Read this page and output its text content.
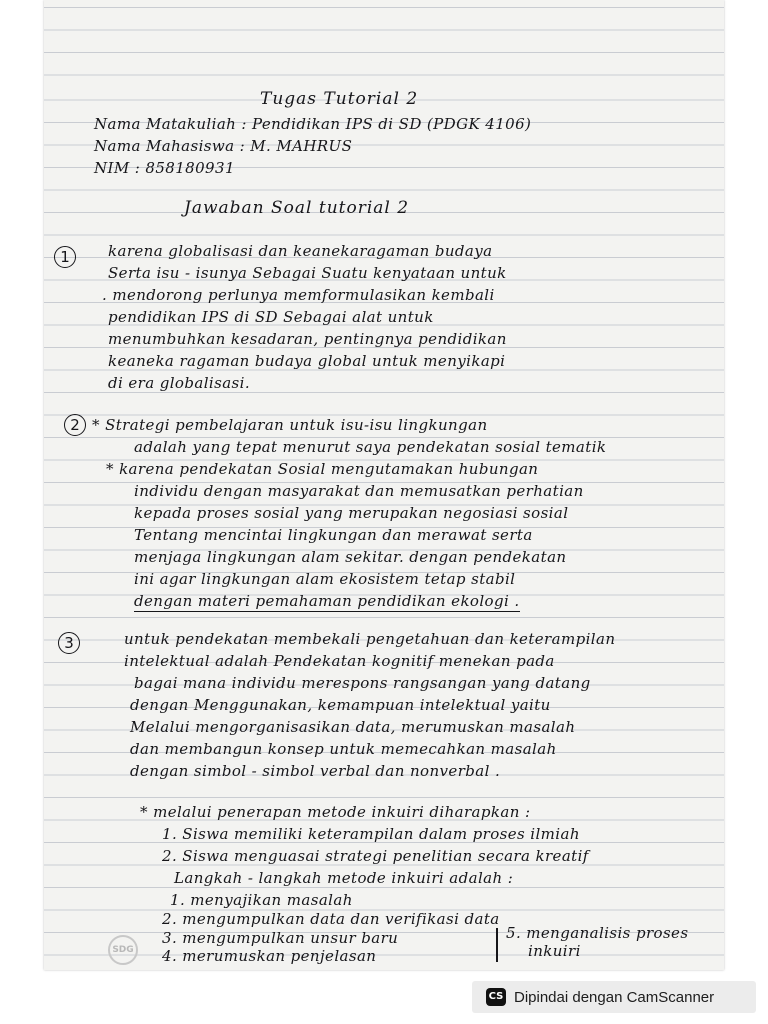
Tugas Tutorial 2

Nama Matakuliah : Pendidikan IPS di SD (PDGK 4106)

Nama Mahasiswa : M. MAHRUS

NIM : 858180931

Jawaban Soal tutorial 2

1	karena globalisasi dan keanekaragaman budaya

Serta isu - isunya Sebagai Suatu kenyataan untuk

. mendorong perlunya memformulasikan kembali

pendidikan IPS di SD Sebagai alat untuk

menumbuhkan kesadaran, pentingnya pendidikan

keaneka ragaman budaya global untuk menyikapi

di era globalisasi.

2 * Strategi pembelajaran untuk isu-isu lingkungan

adalah yang tepat menurut saya pendekatan sosial tematik

* karena pendekatan Sosial mengutamakan hubungan

individu dengan masyarakat dan memusatkan perhatian

kepada proses sosial yang merupakan negosiasi sosial

Tentang mencintai lingkungan dan merawat serta

menjaga lingkungan alam sekitar. dengan pendekatan

ini agar lingkungan alam ekosistem tetap stabil

dengan materi pemahaman pendidikan ekologi .

3	untuk pendekatan membekali pengetahuan dan keterampilan

intelektual adalah Pendekatan kognitif menekan pada

bagai mana individu merespons rangsangan yang datang

dengan Menggunakan, kemampuan intelektual yaitu

Melalui mengorganisasikan data, merumuskan masalah

dan membangun konsep untuk memecahkan masalah

dengan simbol - simbol verbal dan nonverbal .

* melalui penerapan metode inkuiri diharapkan :

1. Siswa memiliki keterampilan dalam proses ilmiah

2. Siswa menguasai strategi penelitian secara kreatif

Langkah - langkah metode inkuiri adalah :

1. menyajikan masalah

2. mengumpulkan data dan verifikasi data

3. mengumpulkan unsur baru

4. merumuskan penjelasan

5. menganalisis proses

inkuiri

SDG
CS Dipindai dengan CamScanner
